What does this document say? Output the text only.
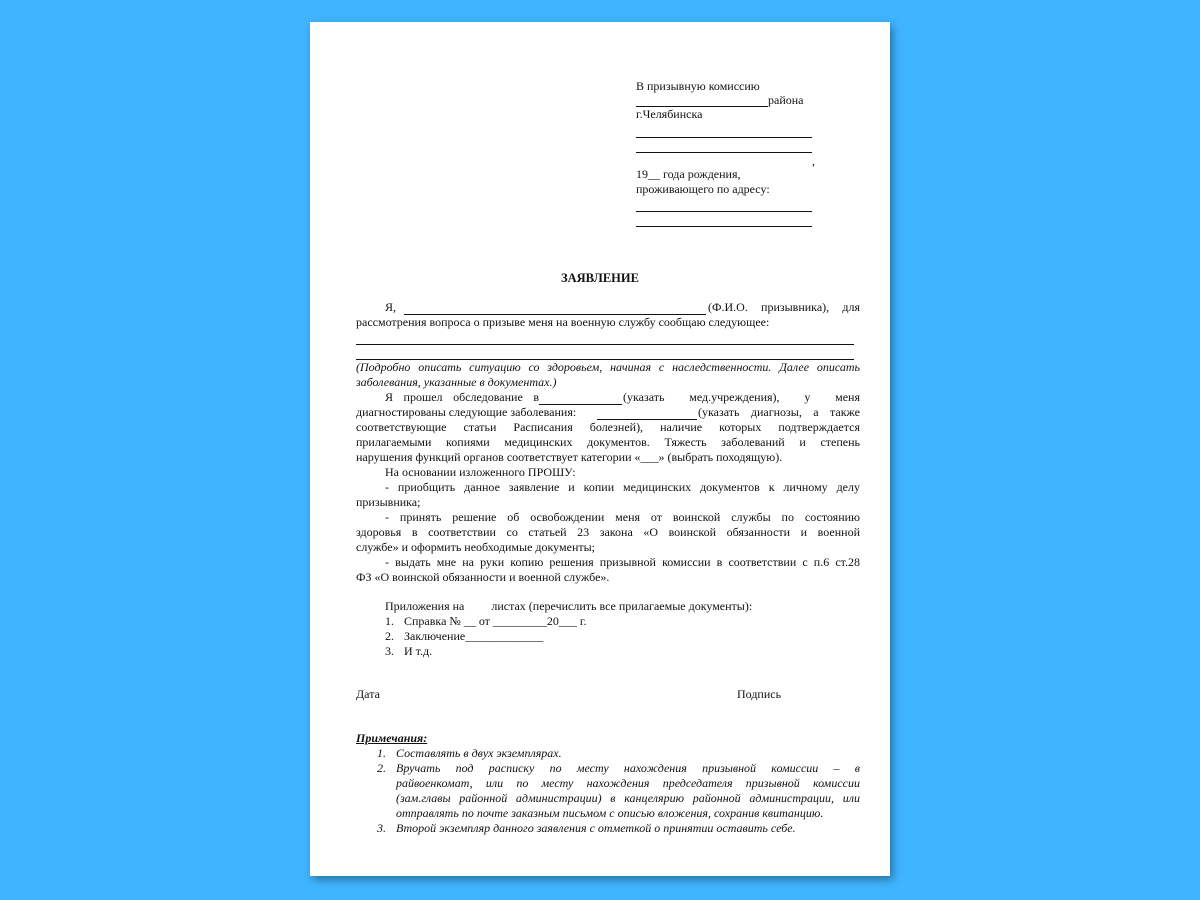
В призывную комиссию
района
г.Челябинска
,
19__ года рождения,
проживающего по адресу:
ЗАЯВЛЕНИЕ
Я,	(Ф.И.О. призывника), для
рассмотрения вопроса о призыве меня на военную службу сообщаю следующее:
(Подробно описать ситуацию со здоровьем, начиная с наследственности. Далее описать
заболевания, указанные в документах.)
Я прошел обследование в	(указать мед.учреждения), у меня
диагностированы следующие заболевания:	(указать диагнозы, а также
соответствующие статьи Расписания болезней), наличие которых подтверждается
прилагаемыми копиями медицинских документов. Тяжесть заболеваний и степень
нарушения функций органов соответствует категории «___» (выбрать походящую).
На основании изложенного ПРОШУ:
- приобщить данное заявление и копии медицинских документов к личному делу
призывника;
- принять решение об освобождении меня от воинской службы по состоянию
здоровья в соответствии со статьей 23 закона «О воинской обязанности и военной
службе» и оформить необходимые документы;
- выдать мне на руки копию решения призывной комиссии в соответствии с п.6 ст.28
ФЗ «О воинской обязанности и военной службе».
Приложения на         листах (перечислить все прилагаемые документы):
1. Справка № __ от _________20___ г.
2. Заключение_____________
3. И т.д.
Дата	Подпись
Примечания:
1. Составлять в двух экземплярах.
2. Вручать под расписку по месту нахождения призывной комиссии – в
райвоенкомат, или по месту нахождения председателя призывной комиссии
(зам.главы районной администрации) в канцелярию районной администрации, или
отправлять по почте заказным письмом с описью вложения, сохранив квитанцию.
3. Второй экземпляр данного заявления с отметкой о принятии оставить себе.
